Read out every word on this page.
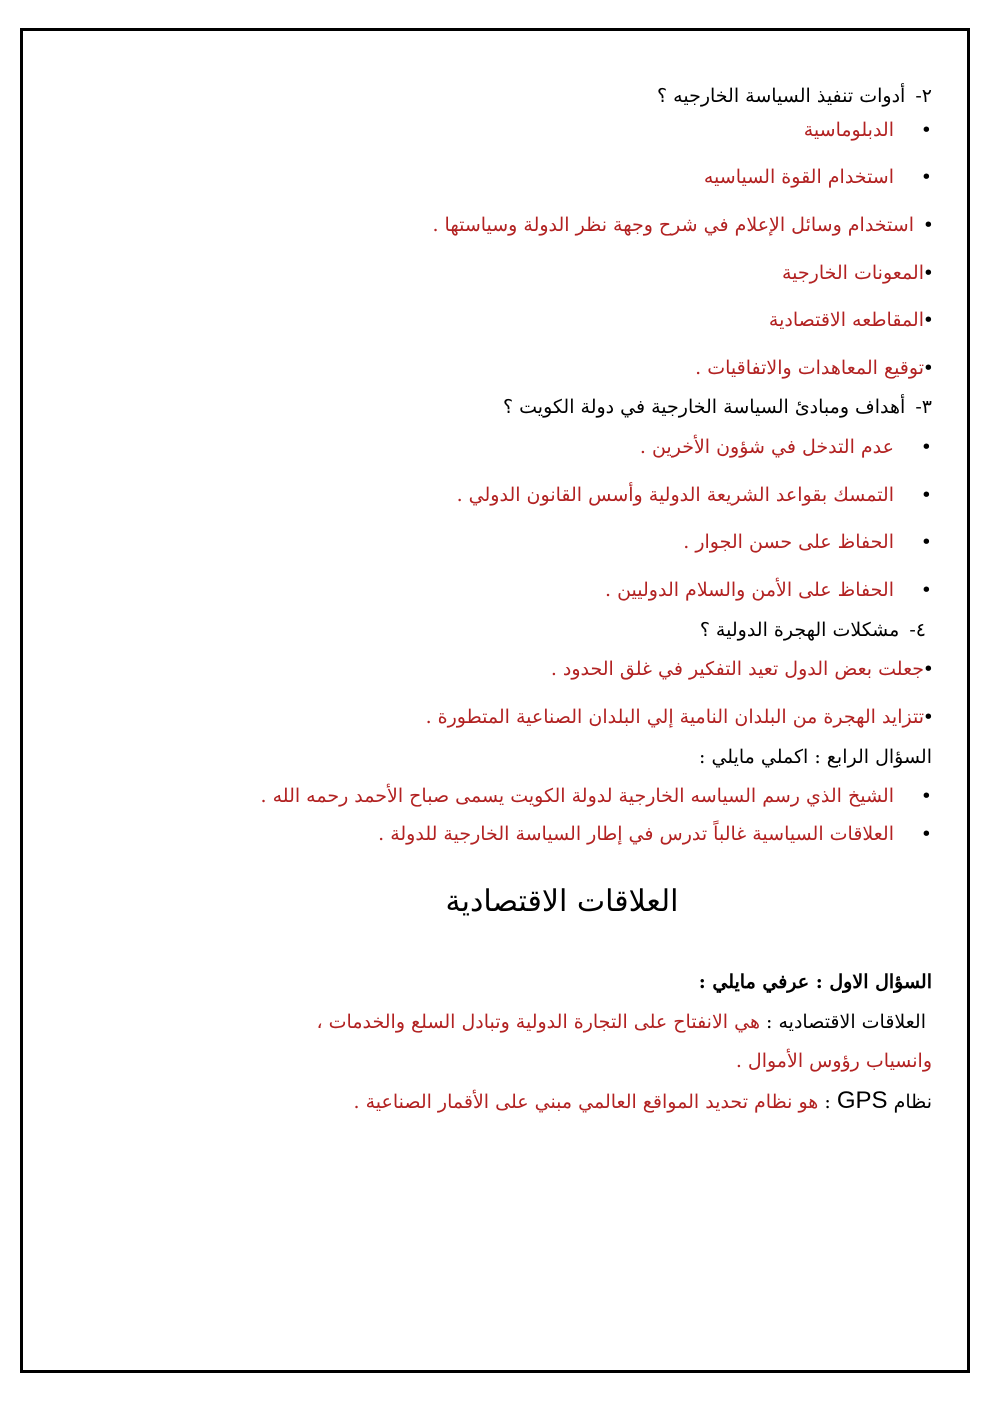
٢- أدوات تنفيذ السياسة الخارجيه ؟
•
الدبلوماسية
•
استخدام القوة السياسيه
•
استخدام وسائل الإعلام في شرح وجهة نظر الدولة وسياستها .
•
المعونات الخارجية
•
المقاطعه الاقتصادية
•
توقيع المعاهدات والاتفاقيات .
٣- أهداف ومبادئ السياسة الخارجية في دولة الكويت ؟
•
عدم التدخل في شؤون الأخرين .
•
التمسك بقواعد الشريعة الدولية وأسس القانون الدولي .
•
الحفاظ على حسن الجوار .
•
الحفاظ على الأمن والسلام الدوليين .
٤- مشكلات الهجرة الدولية ؟
•
جعلت بعض الدول تعيد التفكير في غلق الحدود .
•
تتزايد الهجرة من البلدان النامية إلي البلدان الصناعية المتطورة .
السؤال الرابع : اكملي مايلي :
•
الشيخ الذي رسم السياسه الخارجية لدولة الكويت يسمى صباح الأحمد رحمه الله .
•
العلاقات السياسية غالباً تدرس في إطار السياسة الخارجية للدولة .
العلاقات الاقتصادية
السؤال الاول : عرفي مايلي :
العلاقات الاقتصاديه : هي الانفتاح على التجارة الدولية وتبادل السلع والخدمات ،
وانسياب رؤوس الأموال .
نظام GPS : هو نظام تحديد المواقع العالمي مبني على الأقمار الصناعية .
